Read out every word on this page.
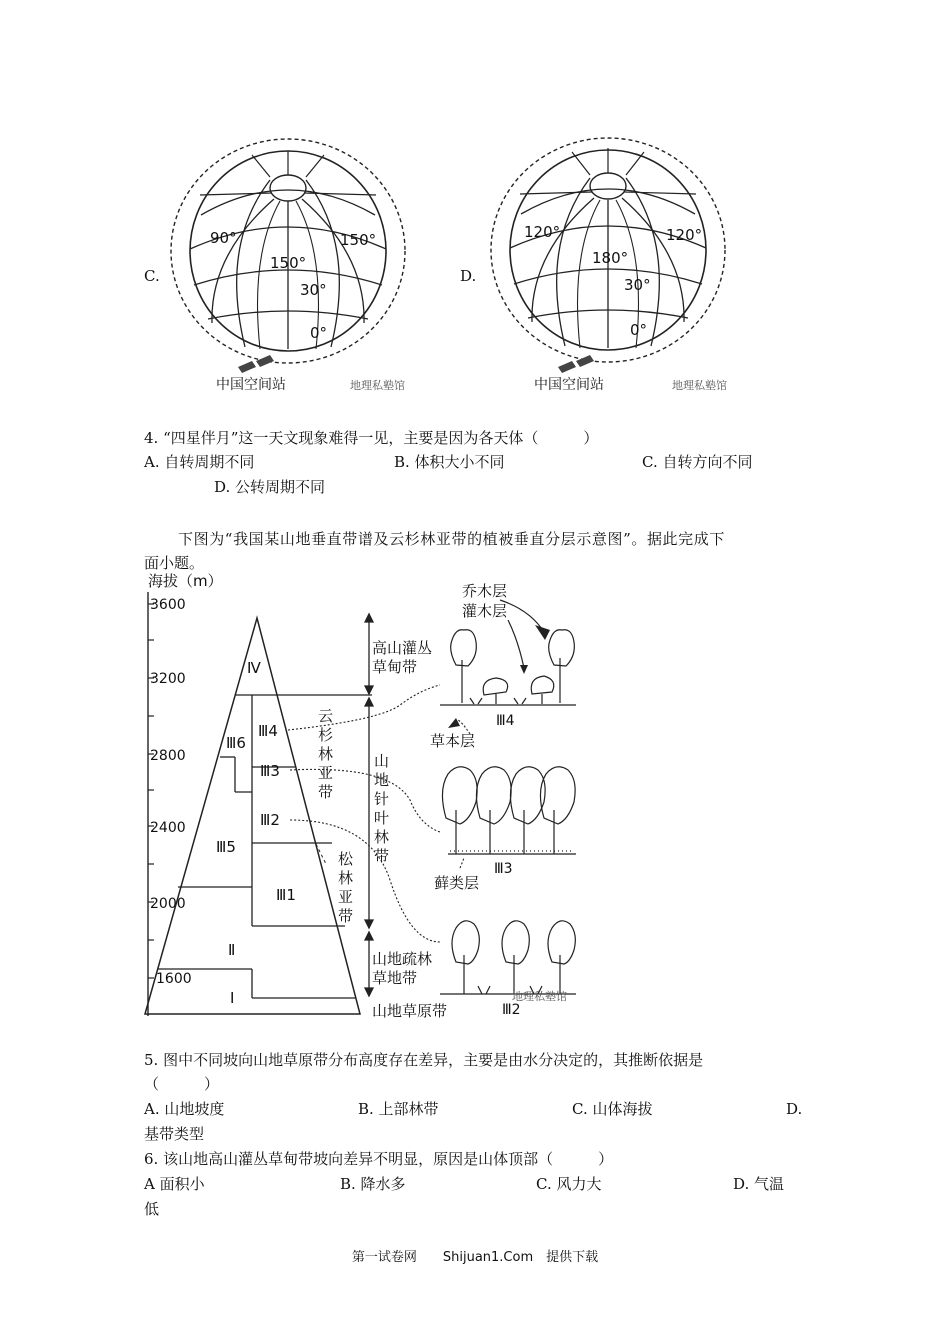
C.
90°
150°
150°
30°
0°
中国空间站	地理私塾馆
D.
120°
180°
120°
30°
0°
中国空间站	地理私塾馆
4. “四星伴月”这一天文现象难得一见，主要是因为各天体（　　　）
A. 自转周期不同	B. 体积大小不同	C. 自转方向不同
D. 公转周期不同
下图为“我国某山地垂直带谱及云杉林亚带的植被垂直分层示意图”。据此完成下
面小题。
海拔（m）
3600
3200
2800
2400
2000
1600
Ⅳ
Ⅲ6
Ⅲ4
Ⅲ3
Ⅲ2
Ⅲ5
Ⅲ1
Ⅱ
Ⅰ
云
杉
林
亚
带
松
林
亚
带
高山灌丛
草甸带
山
地
针
叶
林
带
山地疏林
草地带
山地草原带
乔木层
灌木层
草本层
Ⅲ4
藓类层
Ⅲ3
Ⅲ2
地理私塾馆
5. 图中不同坡向山地草原带分布高度存在差异，主要是由水分决定的，其推断依据是
（　　　）
A. 山地坡度	B. 上部林带	C. 山体海拔	D.
基带类型
6. 该山地高山灌丛草甸带坡向差异不明显，原因是山体顶部（　　　）
A 面积小	B. 降水多	C. 风力大	D. 气温
低
第一试卷网　　Shijuan1.Com　提供下载
